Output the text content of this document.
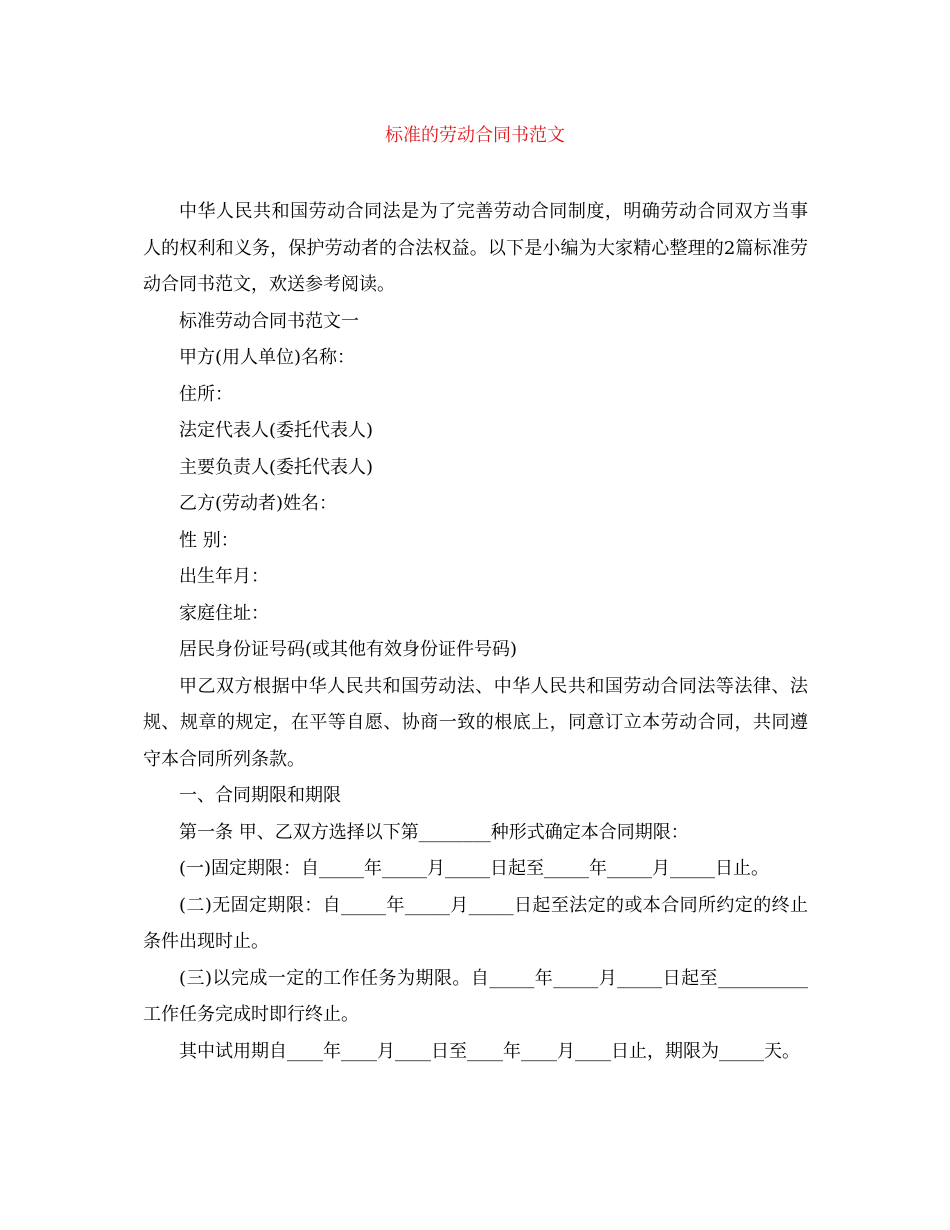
标准的劳动合同书范文

中华人民共和国劳动合同法是为了完善劳动合同制度，明确劳动合同双方当事人的权利和义务，保护劳动者的合法权益。以下是小编为大家精心整理的2篇标准劳动合同书范文，欢送参考阅读。

标准劳动合同书范文一

甲方(用人单位)名称：

住所：

法定代表人(委托代表人)

主要负责人(委托代表人)

乙方(劳动者)姓名：

性 别：

出生年月：

家庭住址：

居民身份证号码(或其他有效身份证件号码)

甲乙双方根据中华人民共和国劳动法、中华人民共和国劳动合同法等法律、法规、规章的规定，在平等自愿、协商一致的根底上，同意订立本劳动合同，共同遵守本合同所列条款。

一、合同期限和期限

第一条 甲、乙双方选择以下第________种形式确定本合同期限：

(一)固定期限：自_____年_____月_____日起至_____年_____月_____日止。

(二)无固定期限：自_____年_____月_____日起至法定的或本合同所约定的终止条件出现时止。

(三)以完成一定的工作任务为期限。自_____年_____月_____日起至__________工作任务完成时即行终止。

其中试用期自____年____月____日至____年____月____日止，期限为_____天。
